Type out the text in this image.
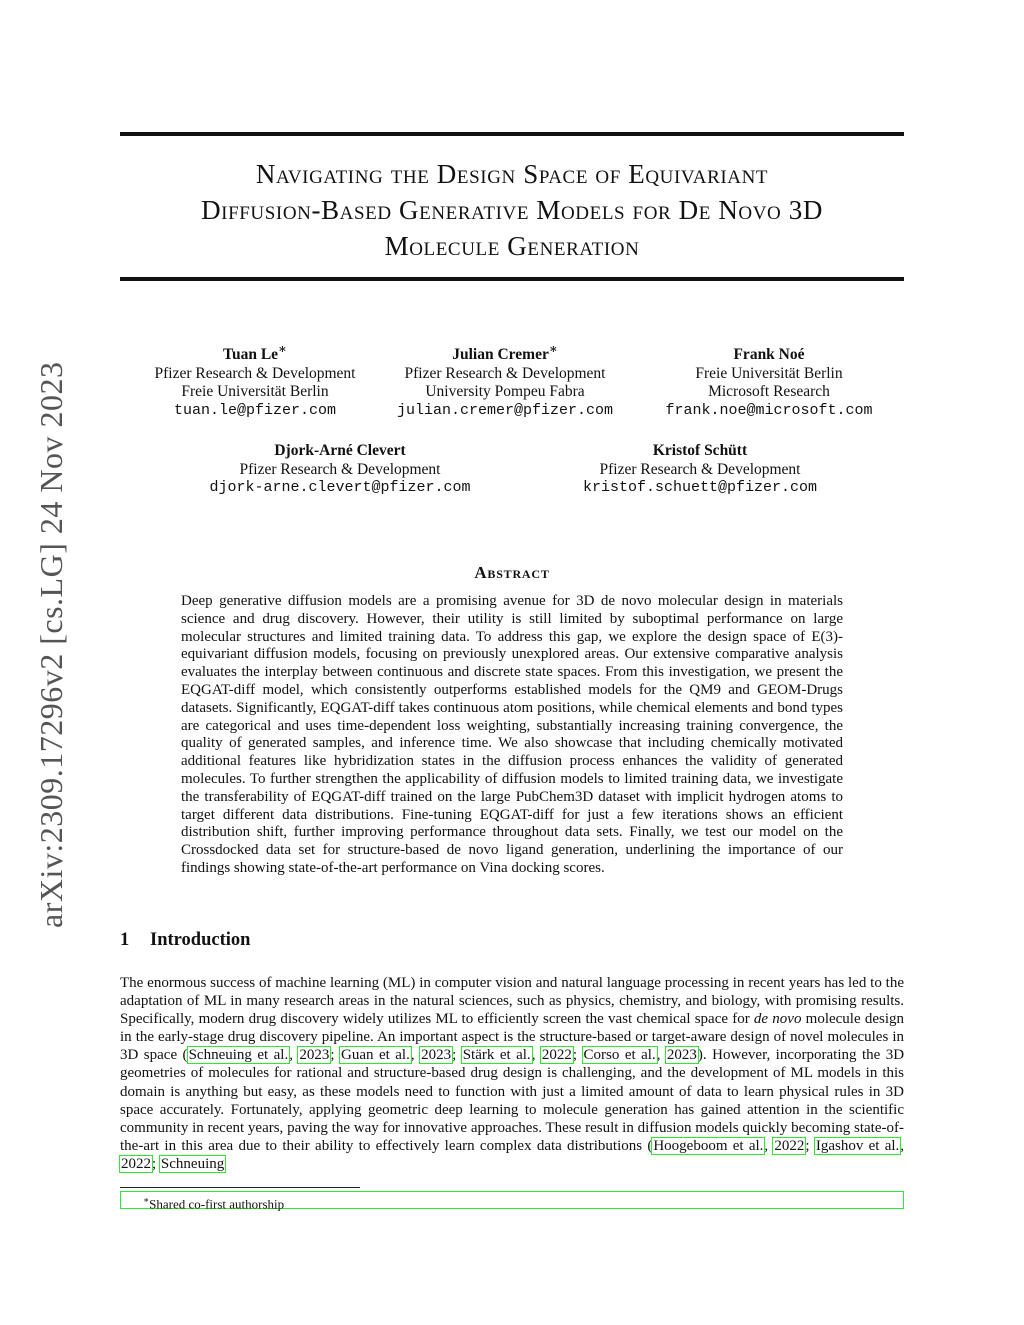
arXiv:2309.17296v2 [cs.LG] 24 Nov 2023
Navigating the Design Space of Equivariant
Diffusion-Based Generative Models for De Novo 3D
Molecule Generation
Tuan Le∗
Pfizer Research & Development
Freie Universität Berlin
tuan.le@pfizer.com
Julian Cremer∗
Pfizer Research & Development
University Pompeu Fabra
julian.cremer@pfizer.com
Frank Noé
Freie Universität Berlin
Microsoft Research
frank.noe@microsoft.com
Djork-Arné Clevert
Pfizer Research & Development
djork-arne.clevert@pfizer.com
Kristof Schütt
Pfizer Research & Development
kristof.schuett@pfizer.com
Abstract

Deep generative diffusion models are a promising avenue for 3D de novo molecular design in materials science and drug discovery. However, their utility is still limited by suboptimal performance on large molecular structures and limited training data. To address this gap, we explore the design space of E(3)-equivariant diffusion models, focusing on previously unexplored areas. Our extensive comparative analysis evaluates the interplay between continuous and discrete state spaces. From this investigation, we present the EQGAT-diff model, which consistently outperforms established models for the QM9 and GEOM-Drugs datasets. Significantly, EQGAT-diff takes continuous atom positions, while chemical elements and bond types are categorical and uses time-dependent loss weighting, substantially increasing training convergence, the quality of generated samples, and inference time. We also showcase that including chemically motivated additional features like hybridization states in the diffusion process enhances the validity of generated molecules. To further strengthen the applicability of diffusion models to limited training data, we investigate the transferability of EQGAT-diff trained on the large PubChem3D dataset with implicit hydrogen atoms to target different data distributions. Fine-tuning EQGAT-diff for just a few iterations shows an efficient distribution shift, further improving performance throughout data sets. Finally, we test our model on the Crossdocked data set for structure-based de novo ligand generation, underlining the importance of our findings showing state-of-the-art performance on Vina docking scores.

1 Introduction

The enormous success of machine learning (ML) in computer vision and natural language processing in recent years has led to the adaptation of ML in many research areas in the natural sciences, such as physics, chemistry, and biology, with promising results. Specifically, modern drug discovery widely utilizes ML to efficiently screen the vast chemical space for de novo molecule design in the early-stage drug discovery pipeline. An important aspect is the structure-based or target-aware design of novel molecules in 3D space (Schneuing et al., 2023; Guan et al., 2023; Stärk et al., 2022; Corso et al., 2023). However, incorporating the 3D geometries of molecules for rational and structure-based drug design is challenging, and the development of ML models in this domain is anything but easy, as these models need to function with just a limited amount of data to learn physical rules in 3D space accurately. Fortunately, applying geometric deep learning to molecule generation has gained attention in the scientific community in recent years, paving the way for innovative approaches. These result in diffusion models quickly becoming state-of-the-art in this area due to their ability to effectively learn complex data distributions (Hoogeboom et al., 2022; Igashov et al., 2022; Schneuing

∗Shared co-first authorship
